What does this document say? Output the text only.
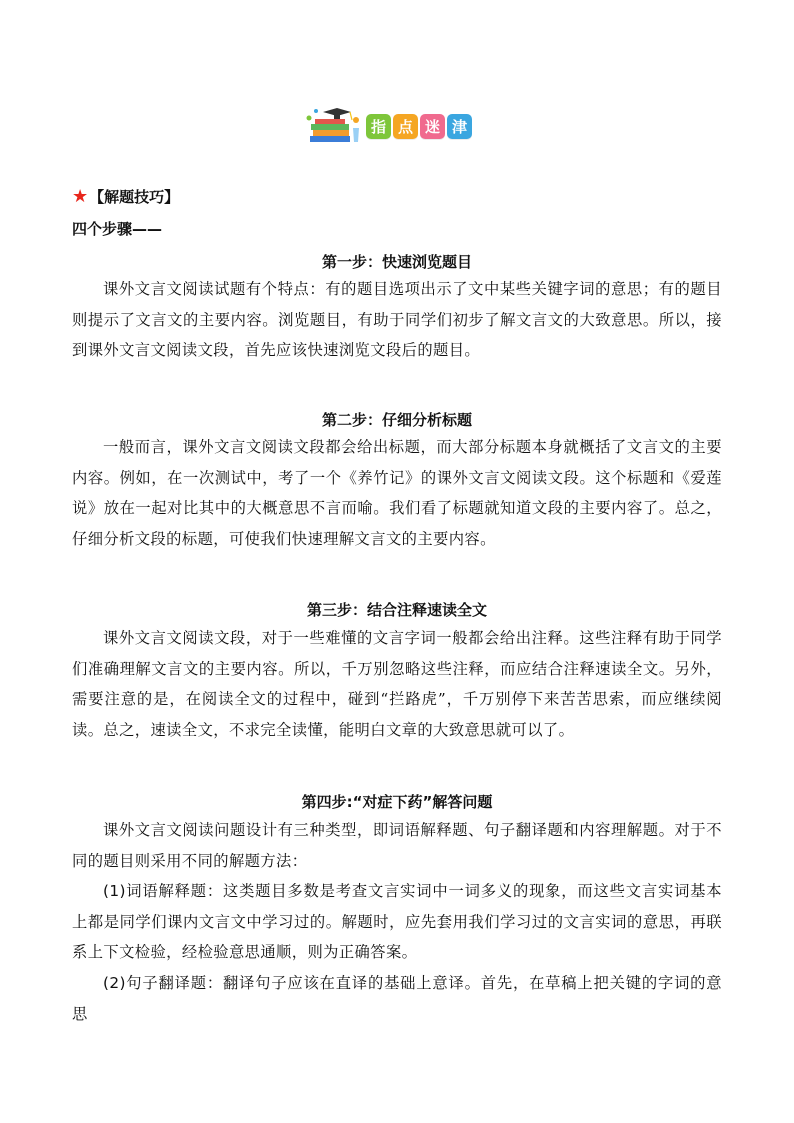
指 点 迷 津
★ 【解题技巧】
四个步骤——
第一步：快速浏览题目

课外文言文阅读试题有个特点：有的题目选项出示了文中某些关键字词的意思；有的题目则提示了文言文的主要内容。浏览题目，有助于同学们初步了解文言文的大致意思。所以，接到课外文言文阅读文段，首先应该快速浏览文段后的题目。

第二步：仔细分析标题

一般而言，课外文言文阅读文段都会给出标题，而大部分标题本身就概括了文言文的主要内容。例如，在一次测试中，考了一个《养竹记》的课外文言文阅读文段。这个标题和《爱莲说》放在一起对比其中的大概意思不言而喻。我们看了标题就知道文段的主要内容了。总之，仔细分析文段的标题，可使我们快速理解文言文的主要内容。

第三步：结合注释速读全文

课外文言文阅读文段，对于一些难懂的文言字词一般都会给出注释。这些注释有助于同学们准确理解文言文的主要内容。所以，千万别忽略这些注释，而应结合注释速读全文。另外，需要注意的是，在阅读全文的过程中，碰到“拦路虎”，千万别停下来苦苦思索，而应继续阅读。总之，速读全文，不求完全读懂，能明白文章的大致意思就可以了。

第四步:“对症下药”解答问题

课外文言文阅读问题设计有三种类型，即词语解释题、句子翻译题和内容理解题。对于不同的题目则采用不同的解题方法：

(1)词语解释题：这类题目多数是考查文言实词中一词多义的现象，而这些文言实词基本上都是同学们课内文言文中学习过的。解题时，应先套用我们学习过的文言实词的意思，再联系上下文检验，经检验意思通顺，则为正确答案。

(2)句子翻译题：翻译句子应该在直译的基础上意译。首先，在草稿上把关键的字词的意思
